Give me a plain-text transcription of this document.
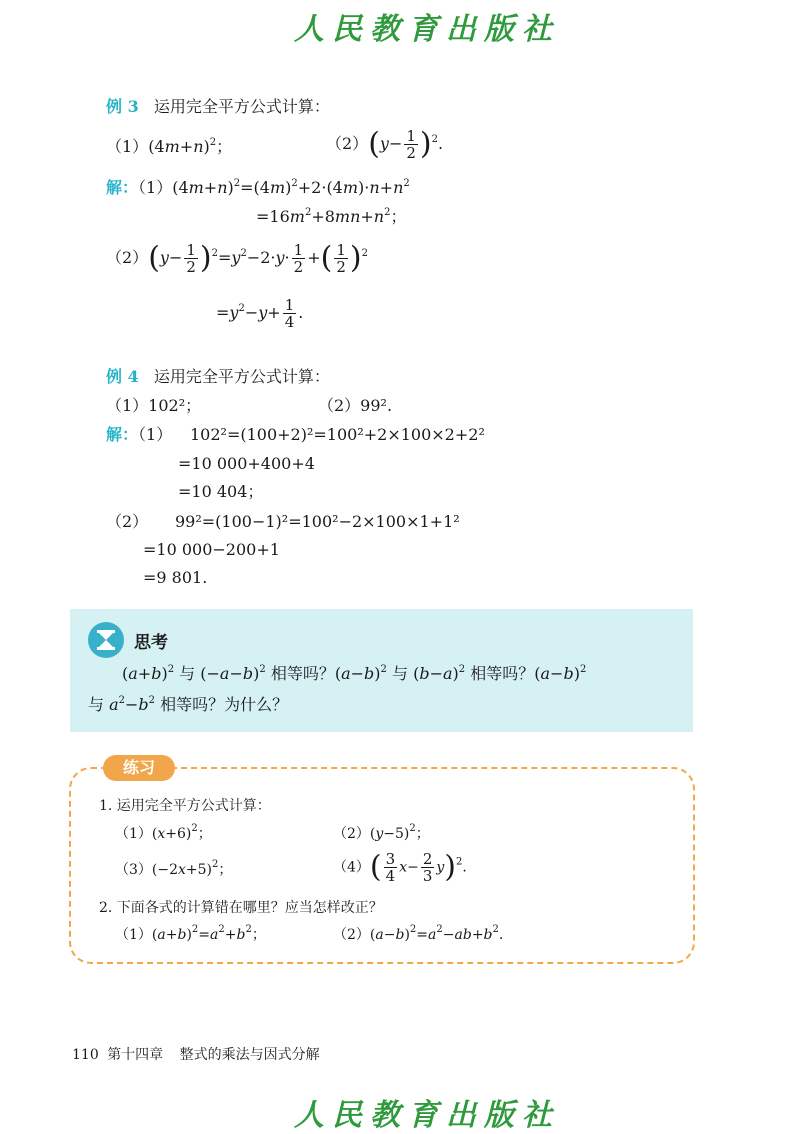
人民教育出版社
例 3 运用完全平方公式计算：
$(1)(4m+n)^2$；	$(2)(y- \frac{1}{2} )^2$.
解：$(1)(4m+n)^2=(4m)^2+2\cdot(4m)\cdot n+n^2$
$=16m^2+8mn+n^2$；
$(2)(y- \frac{1}{2} )^2=y^2-2\cdot y\cdot \frac{1}{2}$ +( $\frac{1}{2} )^2$
$=y^2-y+ \frac{1}{4}$ .
例 4 运用完全平方公式计算：
（1）102²；	（2）99².
解：（1） 102²=(100+2)²=100²+2×100×2+2²
=10 000+400+4
=10 404；
（2） 99²=(100−1)²=100²−2×100×1+1²
=10 000−200+1
=9 801.
思考
$(a+b)^2$ 与 $(-a-b)^2$ 相等吗？$(a-b)^2$ 与 $(b-a)^2$ 相等吗？$(a-b)^2$
与 $a^2-b^2$ 相等吗？为什么？
练习
1. 运用完全平方公式计算：
$(1)(x+6)^2$；	$(2)(y-5)^2$；
$(3)(-2x+5)^2$；	$(4)( \frac{3}{4} x- \frac{2}{3} y)^2$.
2. 下面各式的计算错在哪里？应当怎样改正？
$(1)(a+b)^2=a^2+b^2$；	$(2)(a-b)^2=a^2-ab+b^2$.
110 第十四章 整式的乘法与因式分解
人民教育出版社
